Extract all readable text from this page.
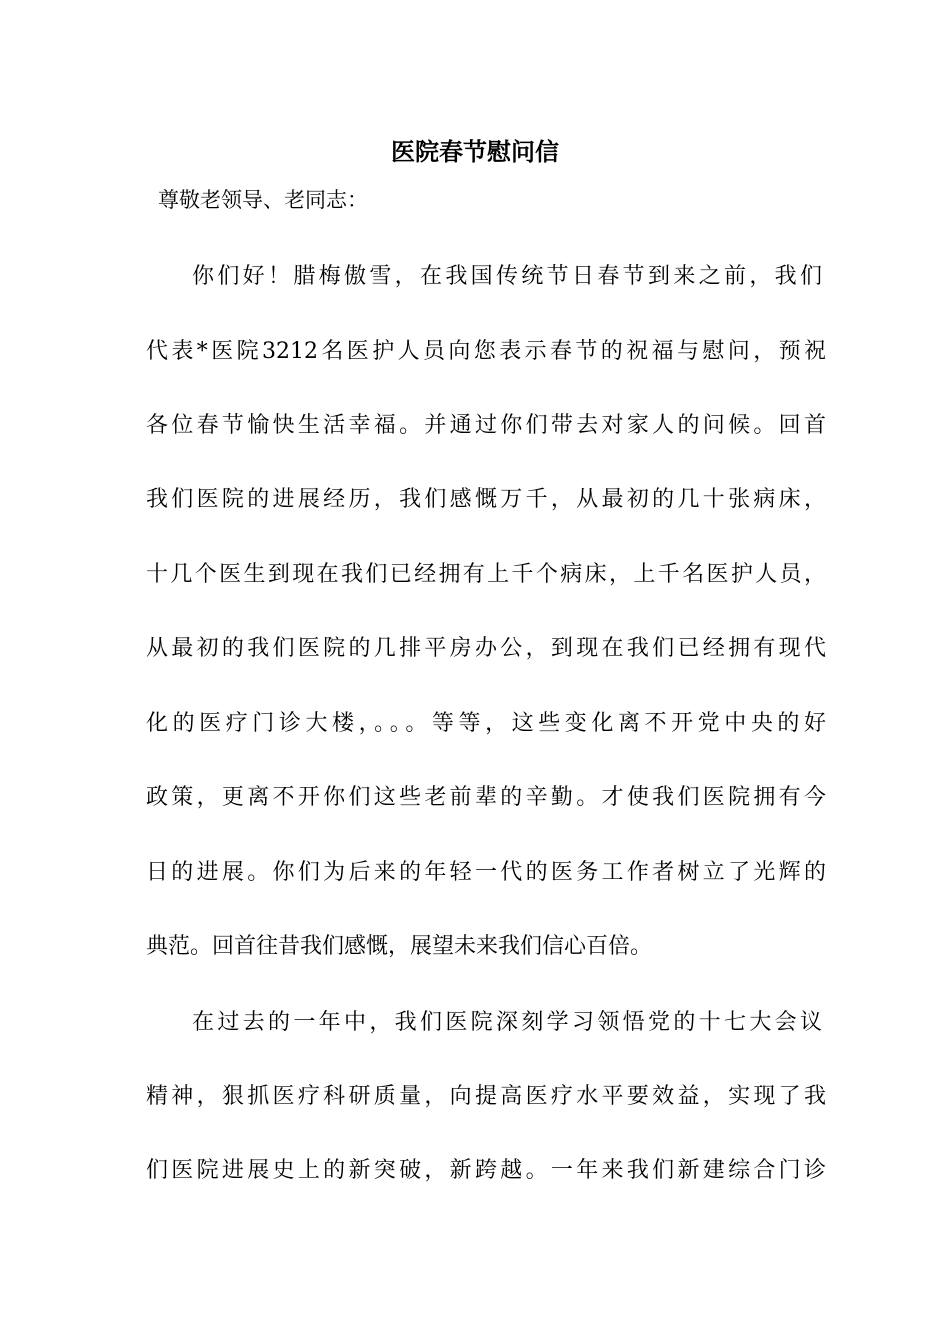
医院春节慰问信
尊敬老领导、老同志：
你们好！腊梅傲雪，在我国传统节日春节到来之前，我们
代表*医院3212名医护人员向您表示春节的祝福与慰问，预祝
各位春节愉快生活幸福。并通过你们带去对家人的问候。回首
我们医院的进展经历，我们感慨万千，从最初的几十张病床，
十几个医生到现在我们已经拥有上千个病床，上千名医护人员，
从最初的我们医院的几排平房办公，到现在我们已经拥有现代
化的医疗门诊大楼，。。。等等，这些变化离不开党中央的好
政策，更离不开你们这些老前辈的辛勤。才使我们医院拥有今
日的进展。你们为后来的年轻一代的医务工作者树立了光辉的
典范。回首往昔我们感慨，展望未来我们信心百倍。
在过去的一年中，我们医院深刻学习领悟党的十七大会议
精神，狠抓医疗科研质量，向提高医疗水平要效益，实现了我
们医院进展史上的新突破，新跨越。一年来我们新建综合门诊
